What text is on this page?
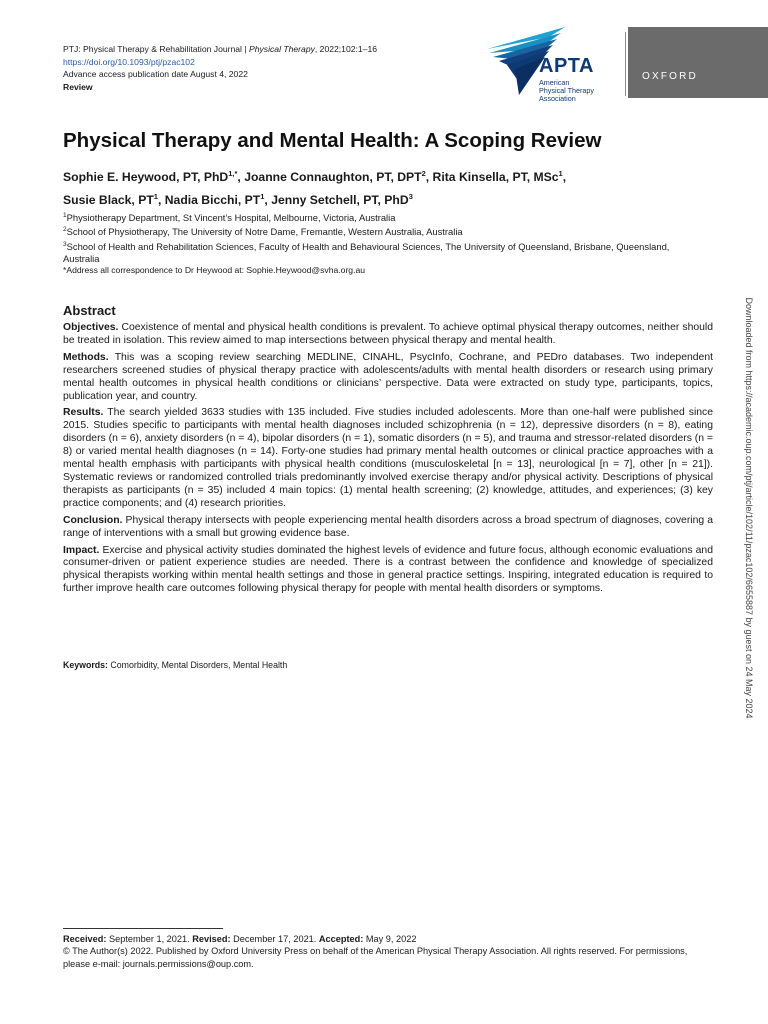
PTJ: Physical Therapy & Rehabilitation Journal | Physical Therapy, 2022;102:1–16
https://doi.org/10.1093/ptj/pzac102
Advance access publication date August 4, 2022
Review
APTA
American
Physical Therapy
Association
OXFORD
Physical Therapy and Mental Health: A Scoping Review
Sophie E. Heywood, PT, PhD$^{1,*}$, Joanne Connaughton, PT, DPT$^2$, Rita Kinsella, PT, MSc$^1$,
Susie Black, $PT^1$, Nadia Bicchi, $PT^1$, Jenny Setchell, PT, PhD$^3$

$^1$Physiotherapy Department, St Vincent’s Hospital, Melbourne, Victoria, Australia

$^2$School of Physiotherapy, The University of Notre Dame, Fremantle, Western Australia, Australia

$^3$School of Health and Rehabilitation Sciences, Faculty of Health and Behavioural Sciences, The University of Queensland, Brisbane, Queensland, Australia

*Address all correspondence to Dr Heywood at: Sophie.Heywood@svha.org.au
Abstract

Objectives. Coexistence of mental and physical health conditions is prevalent. To achieve optimal physical therapy outcomes, neither should be treated in isolation. This review aimed to map intersections between physical therapy and mental health.

Methods. This was a scoping review searching MEDLINE, CINAHL, PsycInfo, Cochrane, and PEDro databases. Two independent researchers screened studies of physical therapy practice with adolescents/adults with mental health disorders or research using primary mental health outcomes in physical health conditions or clinicians’ perspective. Data were extracted on study type, participants, topics, publication year, and country.

Results. The search yielded 3633 studies with 135 included. Five studies included adolescents. More than one-half were published since 2015. Studies specific to participants with mental health diagnoses included schizophrenia (n = 12), depressive disorders (n = 8), eating disorders (n = 6), anxiety disorders (n = 4), bipolar disorders (n = 1), somatic disorders (n = 5), and trauma and stressor-related disorders (n = 8) or varied mental health diagnoses (n = 14). Forty-one studies had primary mental health outcomes or clinical practice approaches with a mental health emphasis with participants with physical health conditions (musculoskeletal [n = 13], neurological [n = 7], other [n = 21]). Systematic reviews or randomized controlled trials predominantly involved exercise therapy and/or physical activity. Descriptions of physical therapists as participants (n = 35) included 4 main topics: (1) mental health screening; (2) knowledge, attitudes, and experiences; (3) key practice components; and (4) research priorities.

Conclusion. Physical therapy intersects with people experiencing mental health disorders across a broad spectrum of diagnoses, covering a range of interventions with a small but growing evidence base.

Impact. Exercise and physical activity studies dominated the highest levels of evidence and future focus, although economic evaluations and consumer-driven or patient experience studies are needed. There is a contrast between the confidence and knowledge of specialized physical therapists working within mental health settings and those in general practice settings. Inspiring, integrated education is required to further improve health care outcomes following physical therapy for people with mental health disorders or symptoms.

Keywords: Comorbidity, Mental Disorders, Mental Health	Downloaded from https://academic.oup.com/ptj/article/102/11/pzac102/6655887 by guest on 24 May 2024

Received: September 1, 2021. Revised: December 17, 2021. Accepted: May 9, 2022

© The Author(s) 2022. Published by Oxford University Press on behalf of the American Physical Therapy Association. All rights reserved. For permissions, please e-mail: journals.permissions@oup.com.
